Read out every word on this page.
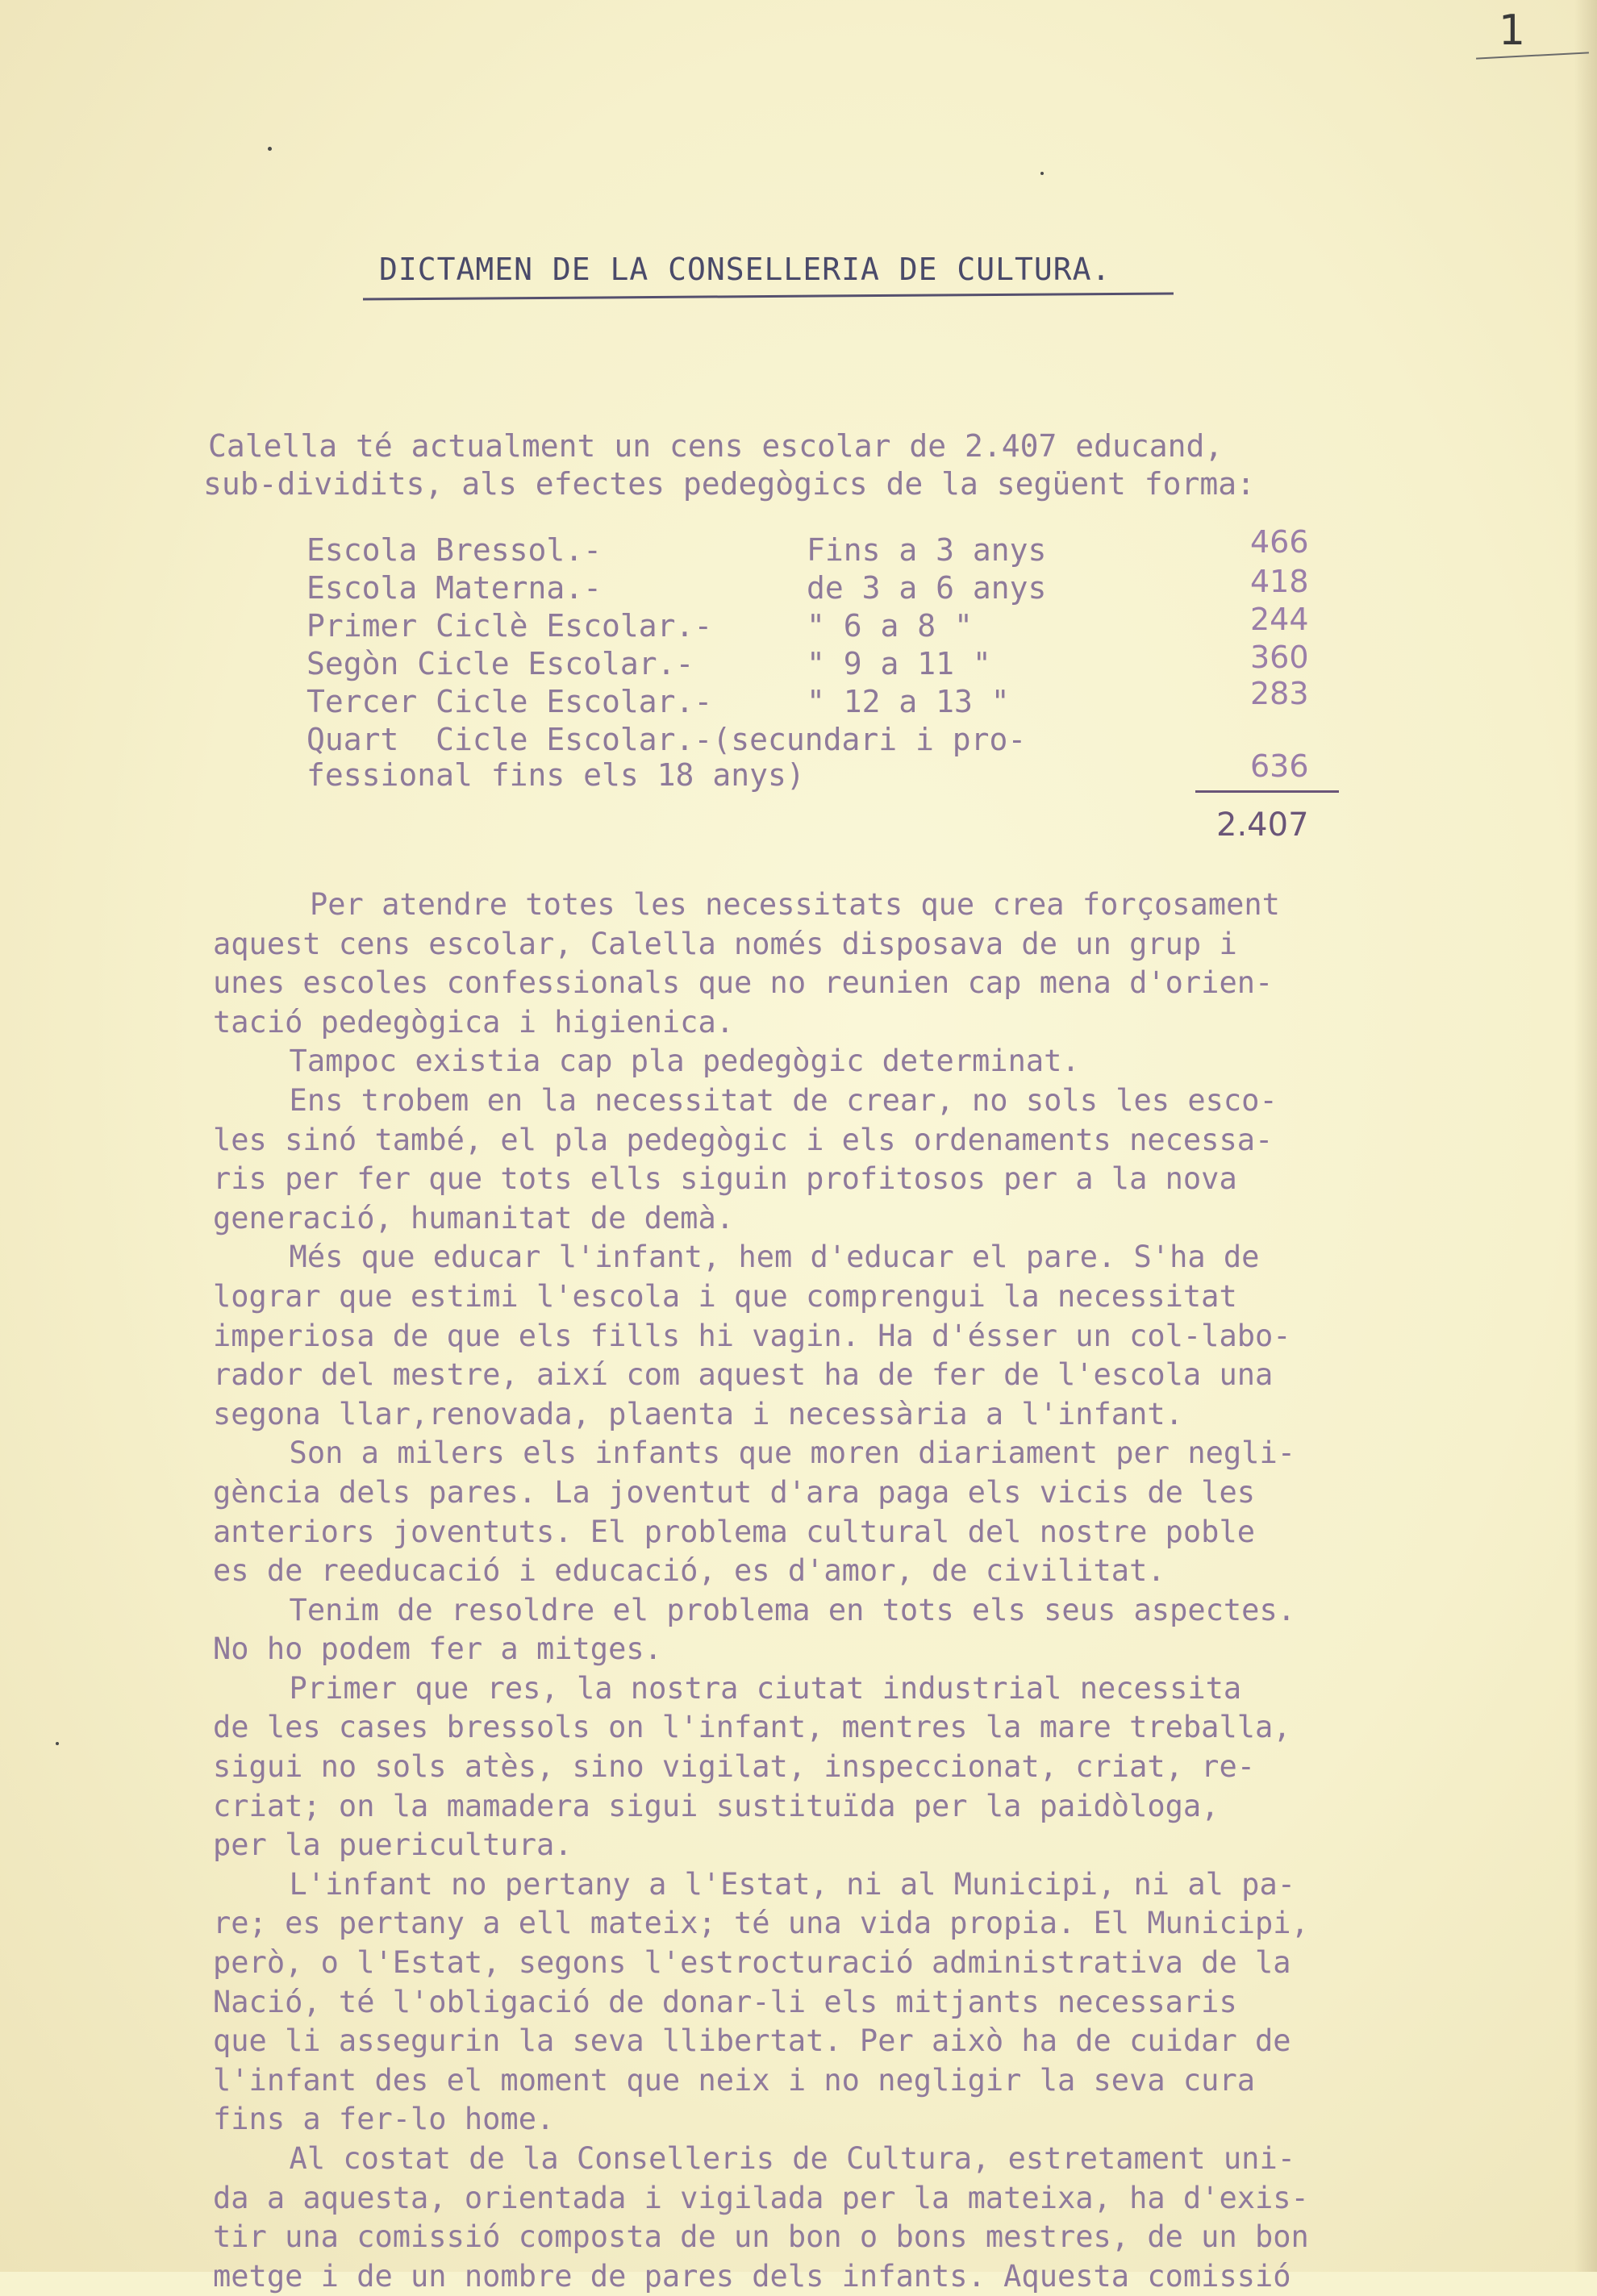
1
DICTAMEN DE LA CONSELLERIA DE CULTURA.
Calella té actualment un cens escolar de 2.407 educand,
sub-dividits, als efectes pedegògics de la següent forma:
Escola Bressol.-	Fins a 3 anys	466
Escola Materna.-	de 3 a 6 anys	418
Primer Ciclè Escolar.-	" 6 a 8 "	244
Segòn Cicle Escolar.-	" 9 a 11 "	360
Tercer Cicle Escolar.-	" 12 a 13 "	283
Quart  Cicle Escolar.-(secundari i pro-
fessional fins els 18 anys)	636
2.407
Per atendre totes les necessitats que crea forçosament
aquest cens escolar, Calella només disposava de un grup i
unes escoles confessionals que no reunien cap mena d'orien-
tació pedegògica i higienica.
Tampoc existia cap pla pedegògic determinat.
Ens trobem en la necessitat de crear, no sols les esco-
les sinó també, el pla pedegògic i els ordenaments necessa-
ris per fer que tots ells siguin profitosos per a la nova
generació, humanitat de demà.
Més que educar l'infant, hem d'educar el pare. S'ha de
lograr que estimi l'escola i que comprengui la necessitat
imperiosa de que els fills hi vagin. Ha d'ésser un col-labo-
rador del mestre, així com aquest ha de fer de l'escola una
segona llar,renovada, plaenta i necessària a l'infant.
Son a milers els infants que moren diariament per negli-
gència dels pares. La joventut d'ara paga els vicis de les
anteriors joventuts. El problema cultural del nostre poble
es de reeducació i educació, es d'amor, de civilitat.
Tenim de resoldre el problema en tots els seus aspectes.
No ho podem fer a mitges.
Primer que res, la nostra ciutat industrial necessita
de les cases bressols on l'infant, mentres la mare treballa,
sigui no sols atès, sino vigilat, inspeccionat, criat, re-
criat; on la mamadera sigui sustituïda per la paidòloga,
per la puericultura.
L'infant no pertany a l'Estat, ni al Municipi, ni al pa-
re; es pertany a ell mateix; té una vida propia. El Municipi,
però, o l'Estat, segons l'estrocturació administrativa de la
Nació, té l'obligació de donar-li els mitjants necessaris
que li assegurin la seva llibertat. Per això ha de cuidar de
l'infant des el moment que neix i no negligir la seva cura
fins a fer-lo home.
Al costat de la Conselleris de Cultura, estretament uni-
da a aquesta, orientada i vigilada per la mateixa, ha d'exis-
tir una comissió composta de un bon o bons mestres, de un bon
metge i de un nombre de pares dels infants. Aquesta comissió
